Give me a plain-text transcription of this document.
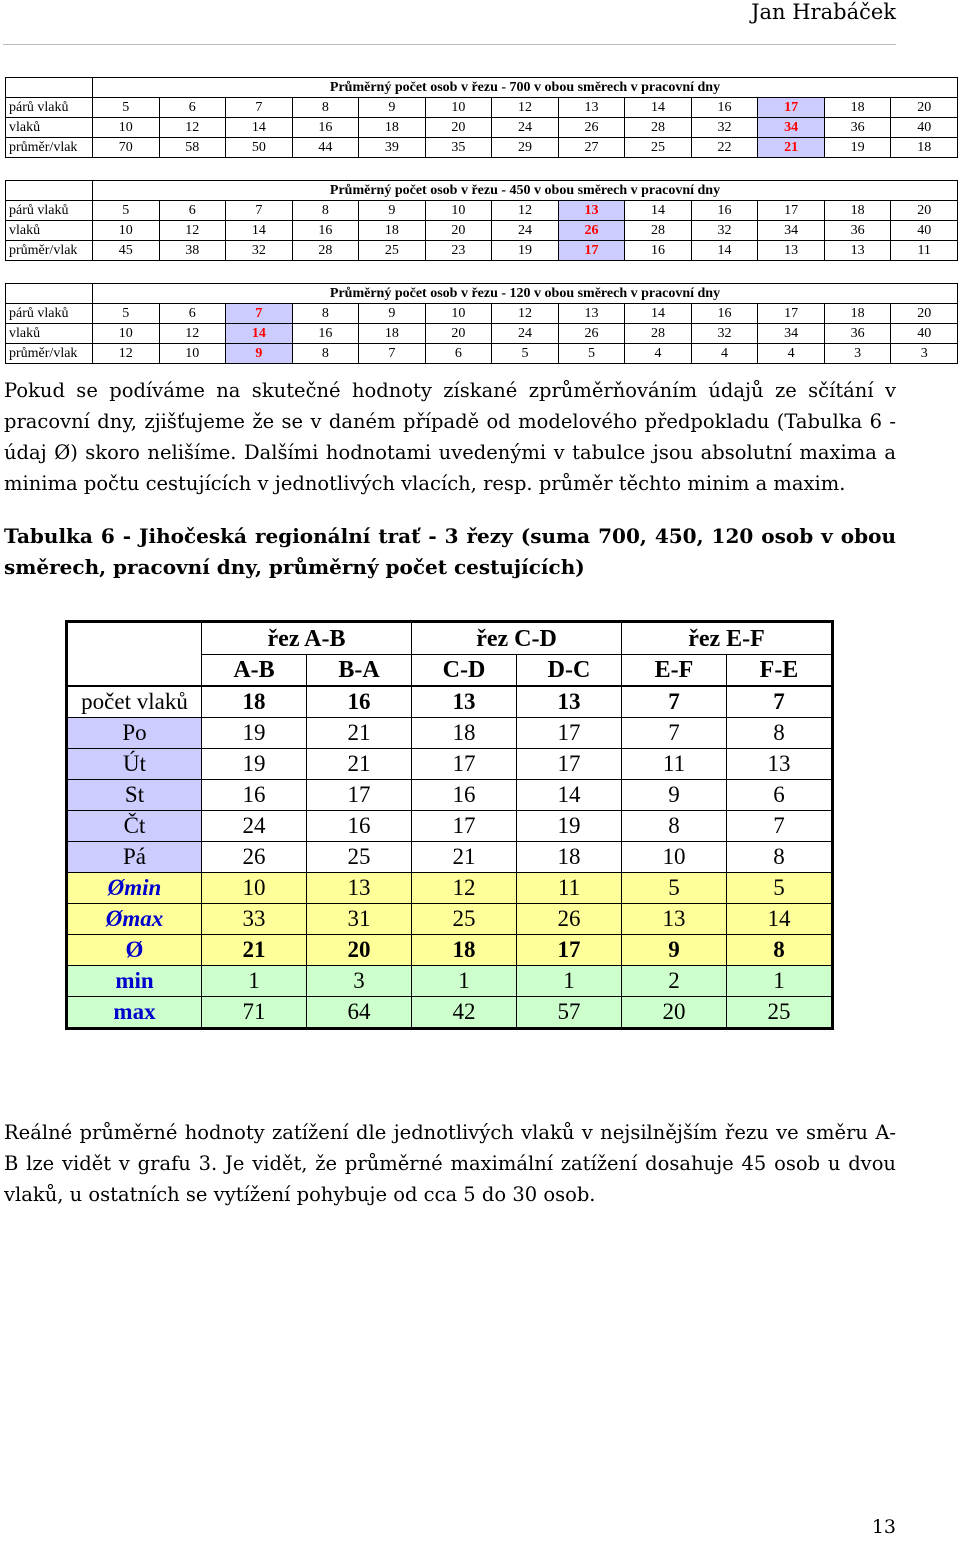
Jan Hrabáček
	Průměrný počet osob v řezu - 700 v obou směrech v pracovní dny												
párů vlaků	5	6	7	8	9	10	12	13	14	16	17	18	20
vlaků	10	12	14	16	18	20	24	26	28	32	34	36	40
průměr/vlak	70	58	50	44	39	35	29	27	25	22	21	19	18
	Průměrný počet osob v řezu - 450 v obou směrech v pracovní dny												
párů vlaků	5	6	7	8	9	10	12	13	14	16	17	18	20
vlaků	10	12	14	16	18	20	24	26	28	32	34	36	40
průměr/vlak	45	38	32	28	25	23	19	17	16	14	13	13	11
	Průměrný počet osob v řezu - 120 v obou směrech v pracovní dny												
párů vlaků	5	6	7	8	9	10	12	13	14	16	17	18	20
vlaků	10	12	14	16	18	20	24	26	28	32	34	36	40
průměr/vlak	12	10	9	8	7	6	5	5	4	4	4	3	3

Pokud se podíváme na skutečné hodnoty získané zprůměrňováním údajů ze sčítání v pracovní dny, zjišťujeme že se v daném případě od modelového předpokladu (Tabulka 6 - údaj Ø) skoro nelišíme. Dalšími hodnotami uvedenými v tabulce jsou absolutní maxima a minima počtu cestujících v jednotlivých vlacích, resp. průměr těchto minim a maxim.

Tabulka 6 - Jihočeská regionální trať - 3 řezy (suma 700, 450, 120 osob v obou směrech, pracovní dny, průměrný počet cestujících)

	řez A-B		řez C-D		řez E-F	
	A-B	B-A	C-D	D-C	E-F	F-E
počet vlaků	18	16	13	13	7	7
Po	19	21	18	17	7	8
Út	19	21	17	17	11	13
St	16	17	16	14	9	6
Čt	24	16	17	19	8	7
Pá	26	25	21	18	10	8
Ømin	10	13	12	11	5	5
Ømax	33	31	25	26	13	14
Ø	21	20	18	17	9	8
min	1	3	1	1	2	1
max	71	64	42	57	20	25

Reálné průměrné hodnoty zatížení dle jednotlivých vlaků v nejsilnějším řezu ve směru A-B lze vidět v grafu 3. Je vidět, že průměrné maximální zatížení dosahuje 45 osob u dvou vlaků, u ostatních se vytížení pohybuje od cca 5 do 30 osob.

13
